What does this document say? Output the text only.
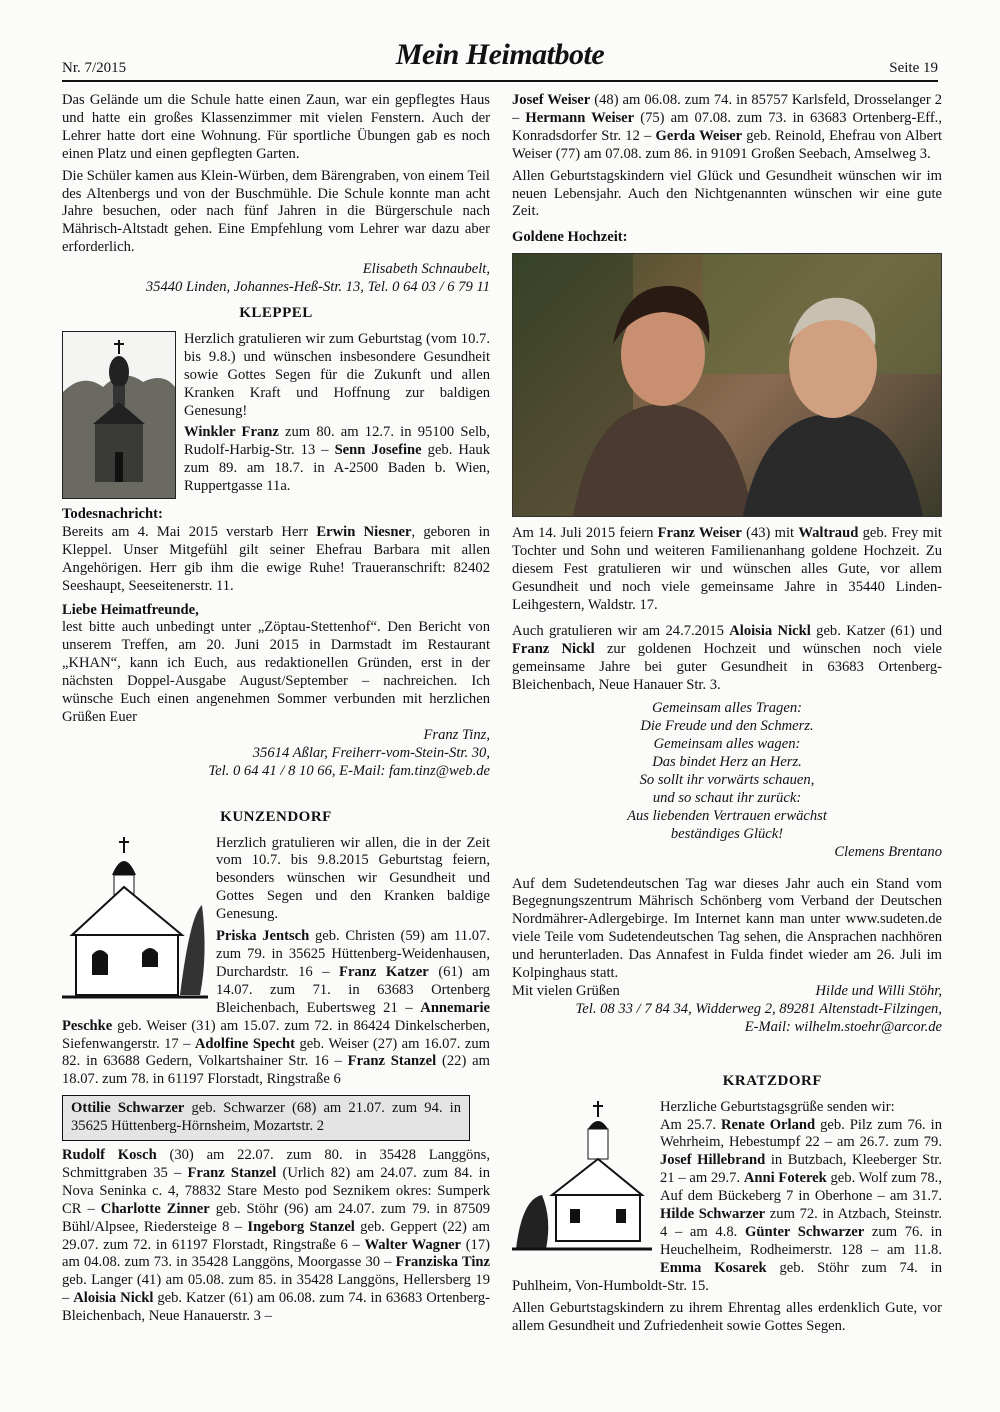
Nr. 7/2015	Mein Heimatbote	Seite 19

Das Gelände um die Schule hatte einen Zaun, war ein gepflegtes Haus und hatte ein großes Klassenzimmer mit vielen Fenstern. Auch der Lehrer hatte dort eine Wohnung. Für sportliche Übungen gab es noch einen Platz und einen gepflegten Garten.

Die Schüler kamen aus Klein-Würben, dem Bärengraben, von einem Teil des Altenbergs und von der Buschmühle. Die Schule konnte man acht Jahre besuchen, oder nach fünf Jahren in die Bürgerschule nach Mährisch-Altstadt gehen. Eine Empfehlung vom Lehrer war dazu aber erforderlich.

Elisabeth Schnaubelt,

35440 Linden, Johannes-Heß-Str. 13, Tel. 0 64 03 / 6 79 11

KLEPPEL

Herzlich gratulieren wir zum Geburtstag (vom 10.7. bis 9.8.) und wünschen insbesondere Gesundheit sowie Gottes Segen für die Zukunft und allen Kranken Kraft und Hoffnung zur baldigen Genesung!

Winkler Franz zum 80. am 12.7. in 95100 Selb, Rudolf-Harbig-Str. 13 – Senn Josefine geb. Hauk zum 89. am 18.7. in A-2500 Baden b. Wien, Ruppertgasse 11a.

Todesnachricht:

Bereits am 4. Mai 2015 verstarb Herr Erwin Niesner, geboren in Kleppel. Unser Mitgefühl gilt seiner Ehefrau Barbara mit allen Angehörigen. Herr gib ihm die ewige Ruhe! Traueranschrift: 82402 Seeshaupt, Seeseitenerstr. 11.

Liebe Heimatfreunde,

lest bitte auch unbedingt unter „Zöptau-Stettenhof“. Den Bericht von unserem Treffen, am 20. Juni 2015 in Darmstadt im Restaurant „KHAN“, kann ich Euch, aus redaktionellen Gründen, erst in der nächsten Doppel-Ausgabe August/September – nachreichen. Ich wünsche Euch einen angenehmen Sommer verbunden mit herzlichen Grüßen Euer

Franz Tinz,

35614 Aßlar, Freiherr-vom-Stein-Str. 30,

Tel. 0 64 41 / 8 10 66, E-Mail: fam.tinz@web.de

KUNZENDORF

Herzlich gratulieren wir allen, die in der Zeit vom 10.7. bis 9.8.2015 Geburtstag feiern, besonders wünschen wir Gesundheit und Gottes Segen und den Kranken baldige Genesung.

Priska Jentsch geb. Christen (59) am 11.07. zum 79. in 35625 Hüttenberg-Weidenhausen, Durchardstr. 16 – Franz Katzer (61) am 14.07. zum 71. in 63683 Ortenberg Bleichenbach, Eubertsweg 21 – Annemarie Peschke geb. Weiser (31) am 15.07. zum 72. in 86424 Dinkelscherben, Siefenwangerstr. 17 – Adolfine Specht geb. Weiser (27) am 16.07. zum 82. in 63688 Gedern, Volkartshainer Str. 16 – Franz Stanzel (22) am 18.07. zum 78. in 61197 Florstadt, Ringstraße 6

Ottilie Schwarzer geb. Schwarzer (68) am 21.07. zum 94. in 35625 Hüttenberg-Hörnsheim, Mozartstr. 2

Rudolf Kosch (30) am 22.07. zum 80. in 35428 Langgöns, Schmittgraben 35 – Franz Stanzel (Urlich 82) am 24.07. zum 84. in Nova Seninka c. 4, 78832 Stare Mesto pod Seznikem okres: Sumperk CR – Charlotte Zinner geb. Stöhr (96) am 24.07. zum 79. in 87509 Bühl/Alpsee, Riedersteige 8 – Ingeborg Stanzel geb. Geppert (22) am 29.07. zum 72. in 61197 Florstadt, Ringstraße 6 – Walter Wagner (17) am 04.08. zum 73. in 35428 Langgöns, Moorgasse 30 – Franziska Tinz geb. Langer (41) am 05.08. zum 85. in 35428 Langgöns, Hellersberg 19 – Aloisia Nickl geb. Katzer (61) am 06.08. zum 74. in 63683 Ortenberg-Bleichenbach, Neue Hanauerstr. 3 –

Josef Weiser (48) am 06.08. zum 74. in 85757 Karlsfeld, Drosselanger 2 – Hermann Weiser (75) am 07.08. zum 73. in 63683 Ortenberg-Eff., Konradsdorfer Str. 12 – Gerda Weiser geb. Reinold, Ehefrau von Albert Weiser (77) am 07.08. zum 86. in 91091 Großen Seebach, Amselweg 3.

Allen Geburtstagskindern viel Glück und Gesundheit wünschen wir im neuen Lebensjahr. Auch den Nichtgenannten wünschen wir eine gute Zeit.

Goldene Hochzeit:

Am 14. Juli 2015 feiern Franz Weiser (43) mit Waltraud geb. Frey mit Tochter und Sohn und weiteren Familienanhang goldene Hochzeit. Zu diesem Fest gratulieren wir und wünschen alles Gute, vor allem Gesundheit und noch viele gemeinsame Jahre in 35440 Linden-Leihgestern, Waldstr. 17.

Auch gratulieren wir am 24.7.2015 Aloisia Nickl geb. Katzer (61) und Franz Nickl zur goldenen Hochzeit und wünschen noch viele gemeinsame Jahre bei guter Gesundheit in 63683 Ortenberg-Bleichenbach, Neue Hanauer Str. 3.

Gemeinsam alles Tragen:
Die Freude und den Schmerz.
Gemeinsam alles wagen:
Das bindet Herz an Herz.
So sollt ihr vorwärts schauen,
und so schaut ihr zurück:
Aus liebenden Vertrauen erwächst
beständiges Glück!

Clemens Brentano

Auf dem Sudetendeutschen Tag war dieses Jahr auch ein Stand vom Begegnungszentrum Mährisch Schönberg vom Verband der Deutschen Nordmährer-Adlergebirge. Im Internet kann man unter www.sudeten.de viele Teile vom Sudetendeutschen Tag sehen, die Ansprachen nachhören und herunterladen. Das Annafest in Fulda findet wieder am 26. Juli im Kolpinghaus statt.

Mit vielen Grüßen	Hilde und Willi Stöhr,

Tel. 08 33 / 7 84 34, Widderweg 2, 89281 Altenstadt-Filzingen,

E-Mail: wilhelm.stoehr@arcor.de

KRATZDORF

Herzliche Geburtstagsgrüße senden wir:

Am 25.7. Renate Orland geb. Pilz zum 76. in Wehrheim, Hebestumpf 22 – am 26.7. zum 79. Josef Hillebrand in Butzbach, Kleeberger Str. 21 – am 29.7. Anni Foterek geb. Wolf zum 78., Auf dem Bückeberg 7 in Oberhone – am 31.7. Hilde Schwarzer zum 72. in Atzbach, Steinstr. 4 – am 4.8. Günter Schwarzer zum 76. in Heuchelheim, Rodheimerstr. 128 – am 11.8. Emma Kosarek geb. Stöhr zum 74. in Puhlheim, Von-Humboldt-Str. 15.

Allen Geburtstagskindern zu ihrem Ehrentag alles erdenklich Gute, vor allem Gesundheit und Zufriedenheit sowie Gottes Segen.
